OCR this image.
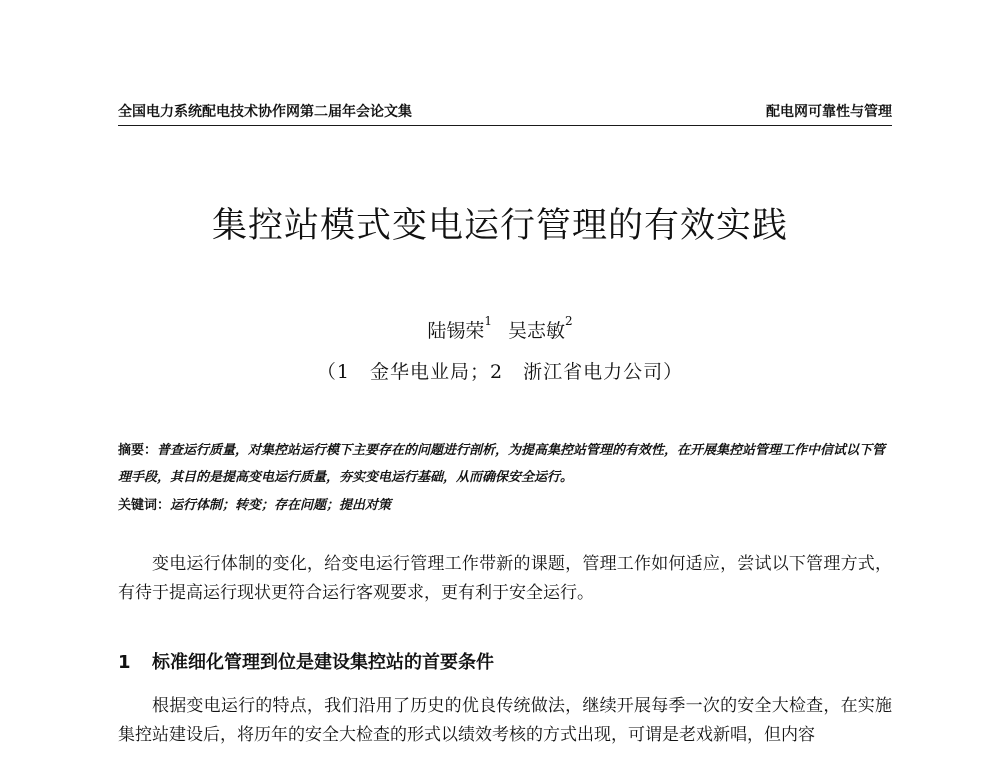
全国电力系统配电技术协作网第二届年会论文集	配电网可靠性与管理
集控站模式变电运行管理的有效实践
陆锡荣$^1$ 吴志敏$^2$
（1　金华电业局；2　浙江省电力公司）
摘要：普查运行质量，对集控站运行模下主要存在的问题进行剖析，为提高集控站管理的有效性，在开展集控站管理工作中信试以下管理手段，其目的是提高变电运行质量，夯实变电运行基础，从而确保安全运行。
关键词：运行体制；转变；存在问题；提出对策
变电运行体制的变化，给变电运行管理工作带新的课题，管理工作如何适应，尝试以下管理方式，有待于提高运行现状更符合运行客观要求，更有利于安全运行。
1 标准细化管理到位是建设集控站的首要条件
根据变电运行的特点，我们沿用了历史的优良传统做法，继续开展每季一次的安全大检查，在实施集控站建设后，将历年的安全大检查的形式以绩效考核的方式出现，可谓是老戏新唱，但内容
